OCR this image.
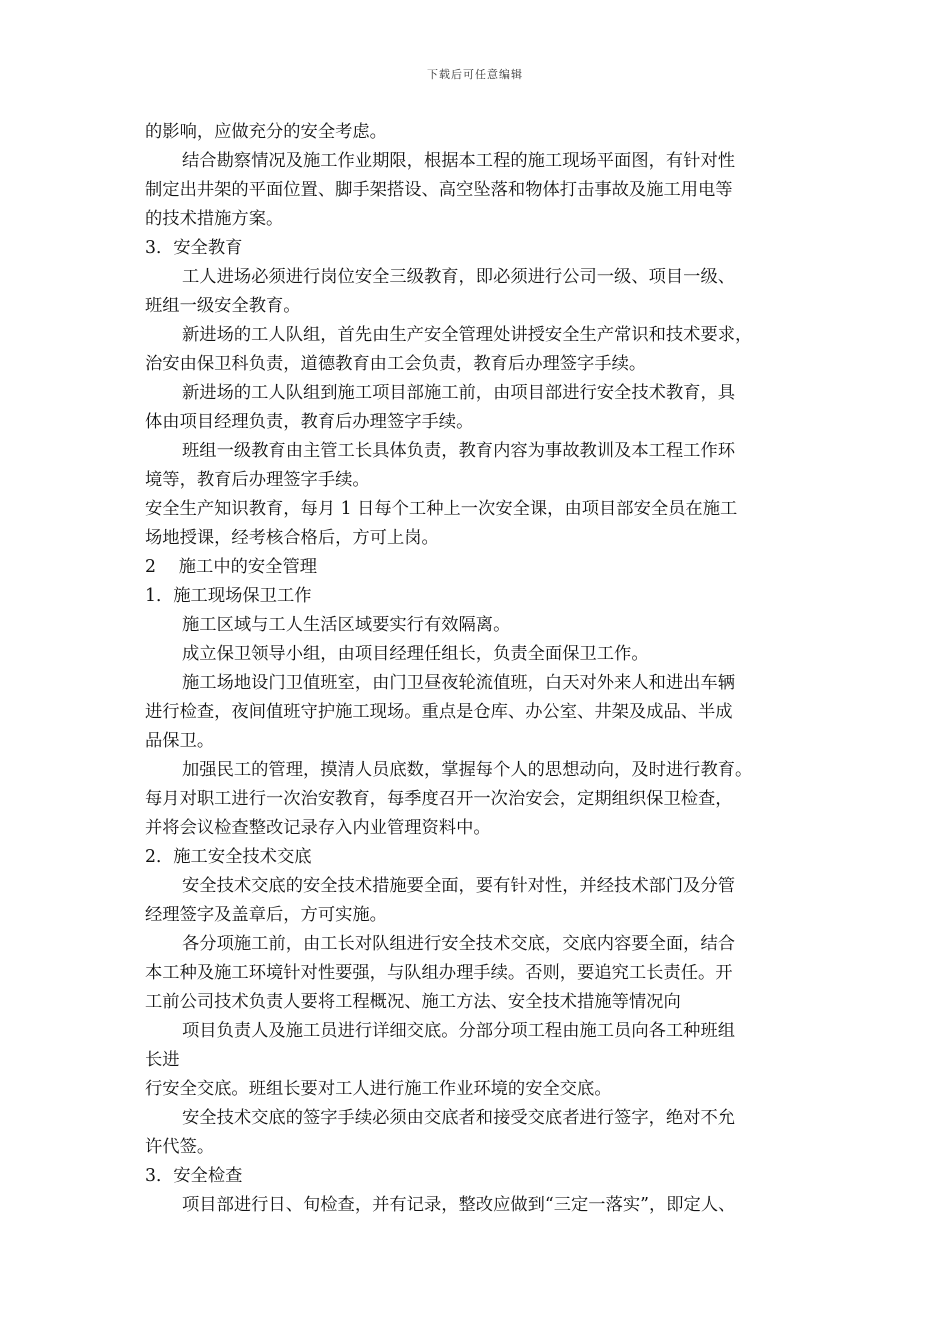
下载后可任意编辑
的影响，应做充分的安全考虑。
结合勘察情况及施工作业期限，根据本工程的施工现场平面图，有针对性
制定出井架的平面位置、脚手架搭设、高空坠落和物体打击事故及施工用电等
的技术措施方案。
3．安全教育
工人进场必须进行岗位安全三级教育，即必须进行公司一级、项目一级、
班组一级安全教育。
新进场的工人队组，首先由生产安全管理处讲授安全生产常识和技术要求，
治安由保卫科负责，道德教育由工会负责，教育后办理签字手续。
新进场的工人队组到施工项目部施工前，由项目部进行安全技术教育，具
体由项目经理负责，教育后办理签字手续。
班组一级教育由主管工长具体负责，教育内容为事故教训及本工程工作环
境等，教育后办理签字手续。
安全生产知识教育，每月 1 日每个工种上一次安全课，由项目部安全员在施工
场地授课，经考核合格后，方可上岗。
2　 施工中的安全管理
1．施工现场保卫工作
施工区域与工人生活区域要实行有效隔离。
成立保卫领导小组，由项目经理任组长，负责全面保卫工作。
施工场地设门卫值班室，由门卫昼夜轮流值班，白天对外来人和进出车辆
进行检查，夜间值班守护施工现场。重点是仓库、办公室、井架及成品、半成
品保卫。
加强民工的管理，摸清人员底数，掌握每个人的思想动向，及时进行教育。
每月对职工进行一次治安教育，每季度召开一次治安会，定期组织保卫检查，
并将会议检查整改记录存入内业管理资料中。
2．施工安全技术交底
安全技术交底的安全技术措施要全面，要有针对性，并经技术部门及分管
经理签字及盖章后，方可实施。
各分项施工前，由工长对队组进行安全技术交底，交底内容要全面，结合
本工种及施工环境针对性要强，与队组办理手续。否则，要追究工长责任。开
工前公司技术负责人要将工程概况、施工方法、安全技术措施等情况向
项目负责人及施工员进行详细交底。分部分项工程由施工员向各工种班组
长进
行安全交底。班组长要对工人进行施工作业环境的安全交底。
安全技术交底的签字手续必须由交底者和接受交底者进行签字，绝对不允
许代签。
3．安全检查
项目部进行日、旬检查，并有记录，整改应做到“三定一落实”，即定人、
